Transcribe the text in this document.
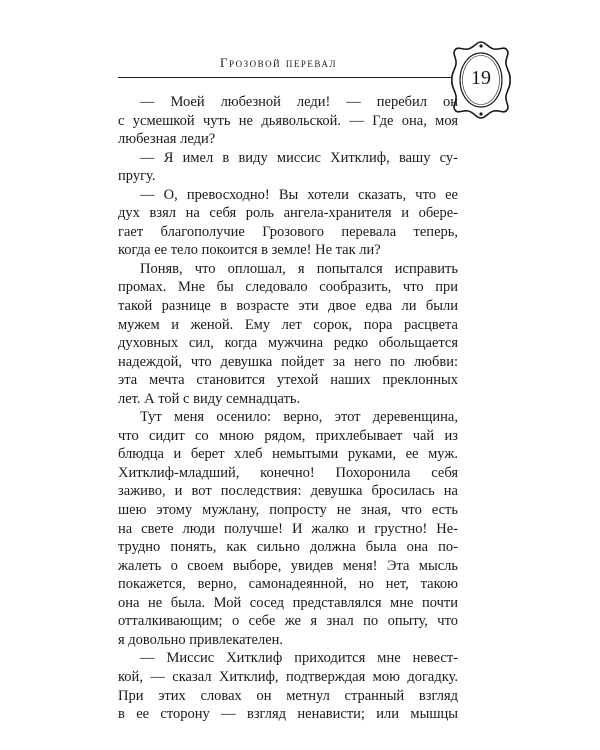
Грозовой перевал
19
— Моей любезной леди! — перебил он
с усмешкой чуть не дьявольской. — Где она, моя
любезная леди?
— Я имел в виду миссис Хитклиф, вашу су-
пругу.
— О, превосходно! Вы хотели сказать, что ее
дух взял на себя роль ангела-хранителя и обере-
гает благополучие Грозового перевала теперь,
когда ее тело покоится в земле! Не так ли?
Поняв, что оплошал, я попытался исправить
промах. Мне бы следовало сообразить, что при
такой разнице в возрасте эти двое едва ли были
мужем и женой. Ему лет сорок, пора расцвета
духовных сил, когда мужчина редко обольщается
надеждой, что девушка пойдет за него по любви:
эта мечта становится утехой наших преклонных
лет. А той с виду семнадцать.
Тут меня осенило: верно, этот деревенщина,
что сидит со мною рядом, прихлебывает чай из
блюдца и берет хлеб немытыми руками, ее муж.
Хитклиф-младший, конечно! Похоронила себя
заживо, и вот последствия: девушка бросилась на
шею этому мужлану, попросту не зная, что есть
на свете люди получше! И жалко и грустно! Не-
трудно понять, как сильно должна была она по-
жалеть о своем выборе, увидев меня! Эта мысль
покажется, верно, самонадеянной, но нет, такою
она не была. Мой сосед представлялся мне почти
отталкивающим; о себе же я знал по опыту, что
я довольно привлекателен.
— Миссис Хитклиф приходится мне невест-
кой, — сказал Хитклиф, подтверждая мою догадку.
При этих словах он метнул странный взгляд
в ее сторону — взгляд ненависти; или мышцы
